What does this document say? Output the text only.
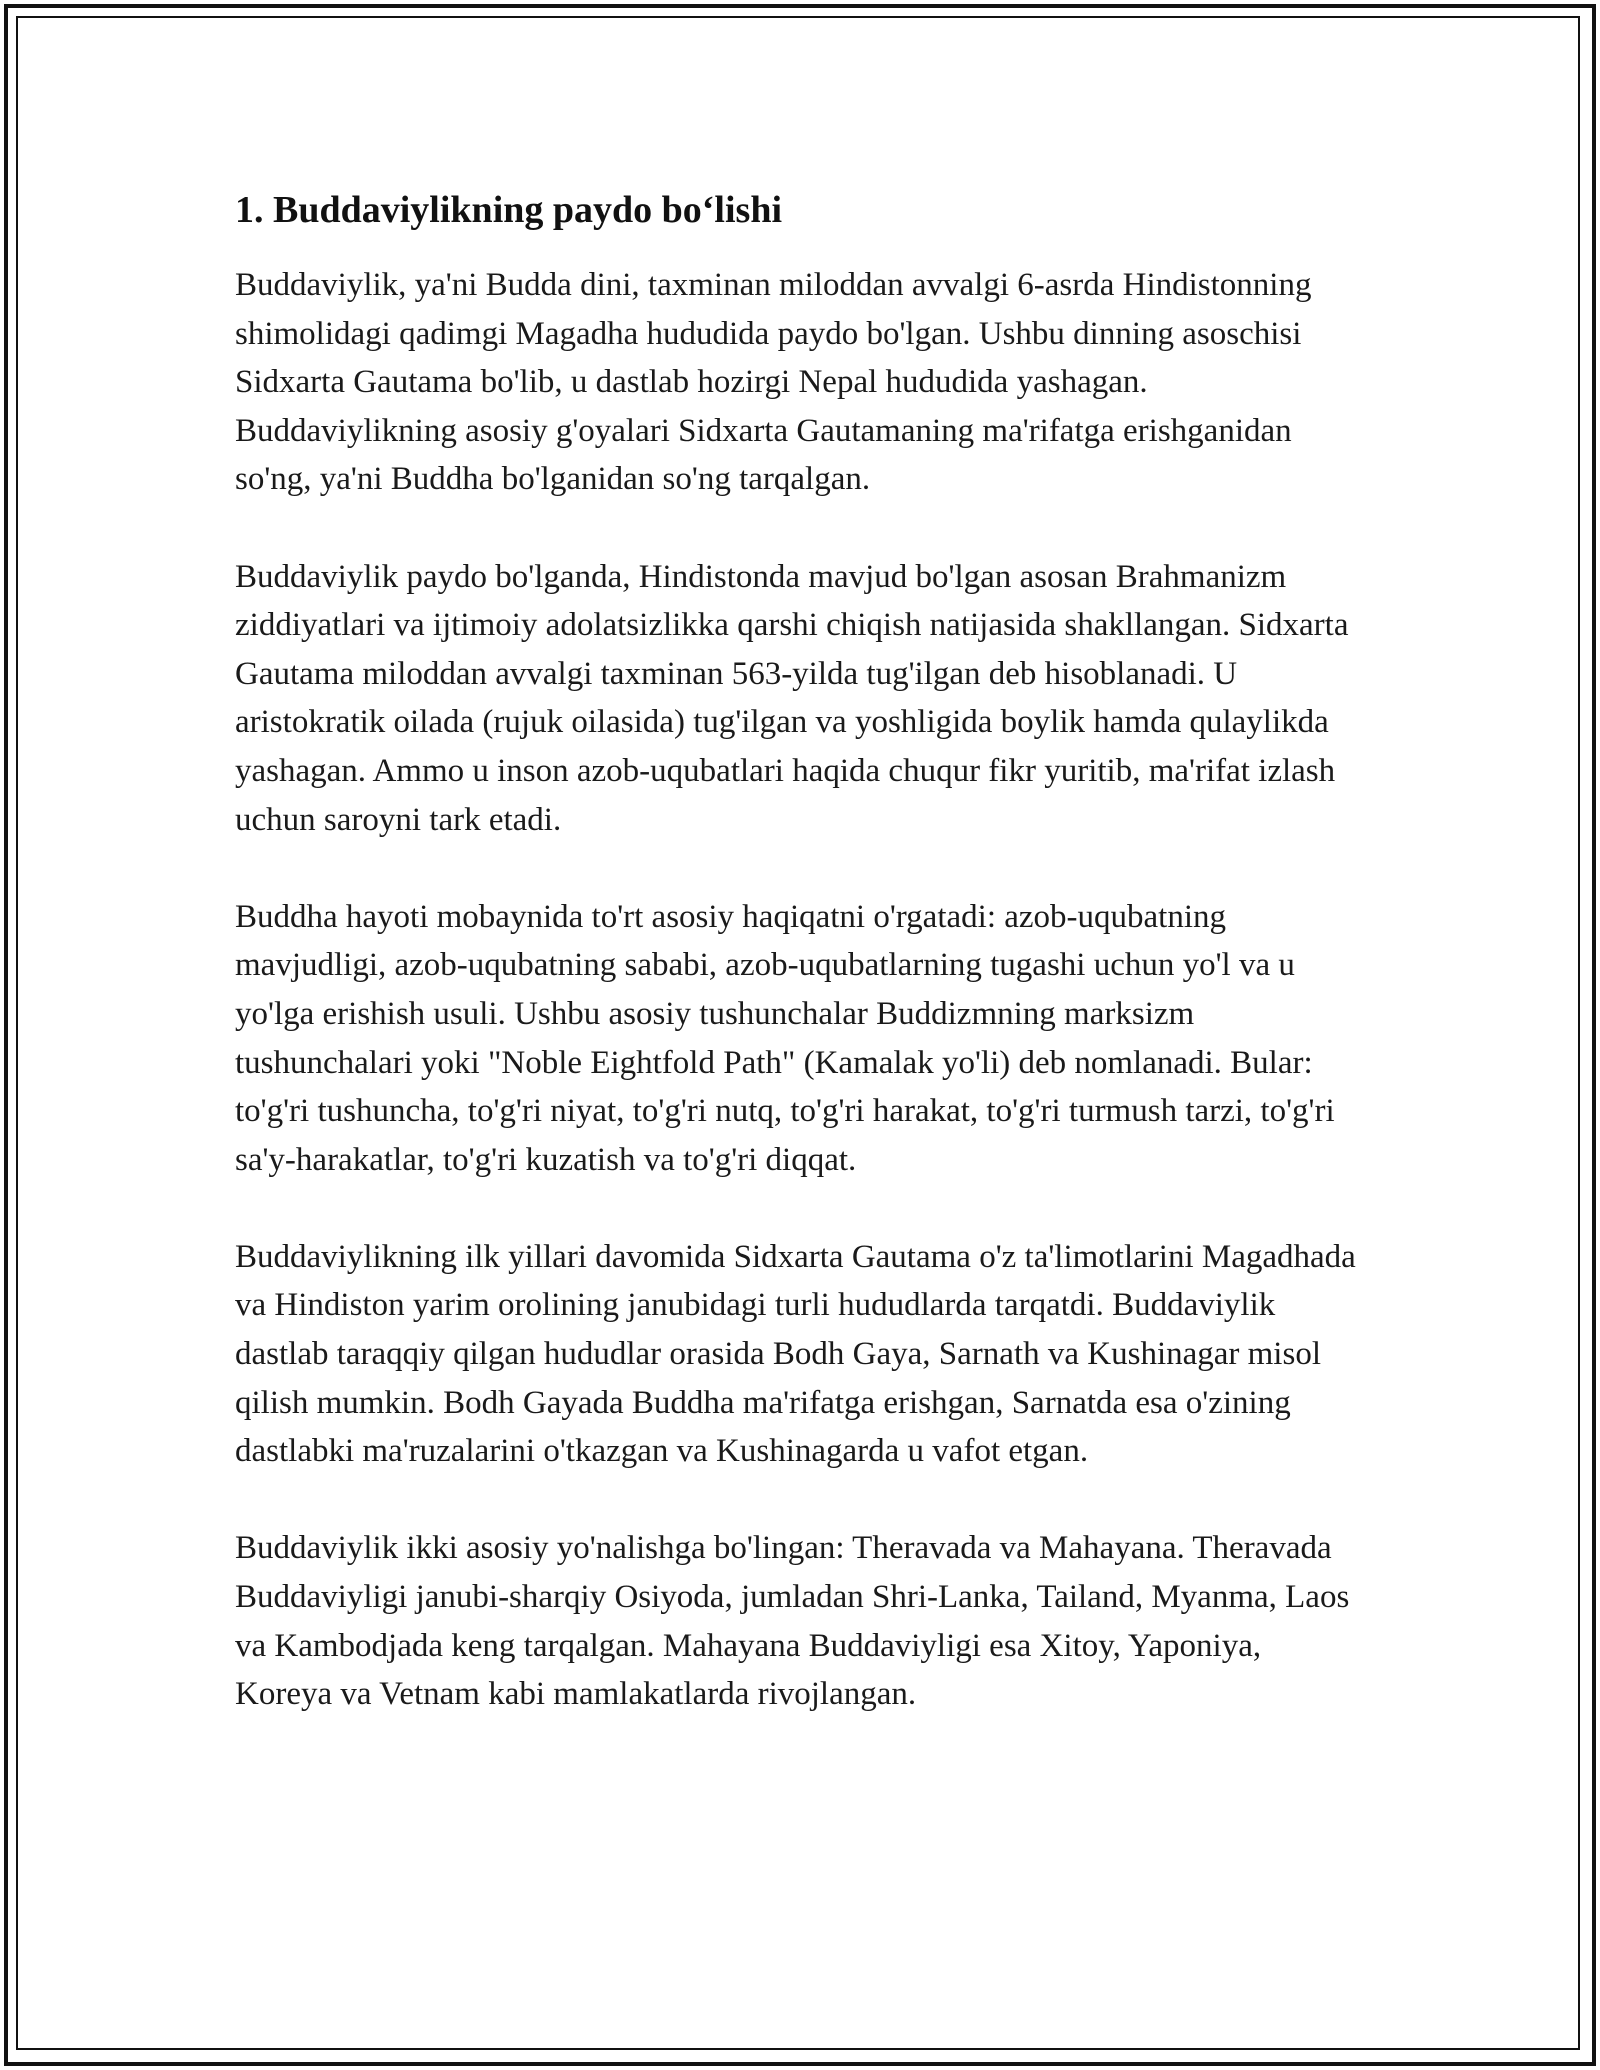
1. Buddaviylikning paydo bo‘lishi

Buddaviylik, ya'ni Budda dini, taxminan miloddan avvalgi 6-asrda Hindistonning shimolidagi qadimgi Magadha hududida paydo bo'lgan. Ushbu dinning asoschisi Sidxarta Gautama bo'lib, u dastlab hozirgi Nepal hududida yashagan. Buddaviylikning asosiy g'oyalari Sidxarta Gautamaning ma'rifatga erishganidan so'ng, ya'ni Buddha bo'lganidan so'ng tarqalgan.

Buddaviylik paydo bo'lganda, Hindistonda mavjud bo'lgan asosan Brahmanizm ziddiyatlari va ijtimoiy adolatsizlikka qarshi chiqish natijasida shakllangan. Sidxarta Gautama miloddan avvalgi taxminan 563-yilda tug'ilgan deb hisoblanadi. U aristokratik oilada (rujuk oilasida) tug'ilgan va yoshligida boylik hamda qulaylikda yashagan. Ammo u inson azob-uqubatlari haqida chuqur fikr yuritib, ma'rifat izlash uchun saroyni tark etadi.

Buddha hayoti mobaynida to'rt asosiy haqiqatni o'rgatadi: azob-uqubatning mavjudligi, azob-uqubatning sababi, azob-uqubatlarning tugashi uchun yo'l va u yo'lga erishish usuli. Ushbu asosiy tushunchalar Buddizmning marksizm tushunchalari yoki "Noble Eightfold Path" (Kamalak yo'li) deb nomlanadi. Bular: to'g'ri tushuncha, to'g'ri niyat, to'g'ri nutq, to'g'ri harakat, to'g'ri turmush tarzi, to'g'ri sa'y-harakatlar, to'g'ri kuzatish va to'g'ri diqqat.

Buddaviylikning ilk yillari davomida Sidxarta Gautama o'z ta'limotlarini Magadhada va Hindiston yarim orolining janubidagi turli hududlarda tarqatdi. Buddaviylik dastlab taraqqiy qilgan hududlar orasida Bodh Gaya, Sarnath va Kushinagar misol qilish mumkin. Bodh Gayada Buddha ma'rifatga erishgan, Sarnatda esa o'zining dastlabki ma'ruzalarini o'tkazgan va Kushinagarda u vafot etgan.

Buddaviylik ikki asosiy yo'nalishga bo'lingan: Theravada va Mahayana. Theravada Buddaviyligi janubi-sharqiy Osiyoda, jumladan Shri-Lanka, Tailand, Myanma, Laos va Kambodjada keng tarqalgan. Mahayana Buddaviyligi esa Xitoy, Yaponiya, Koreya va Vetnam kabi mamlakatlarda rivojlangan.
